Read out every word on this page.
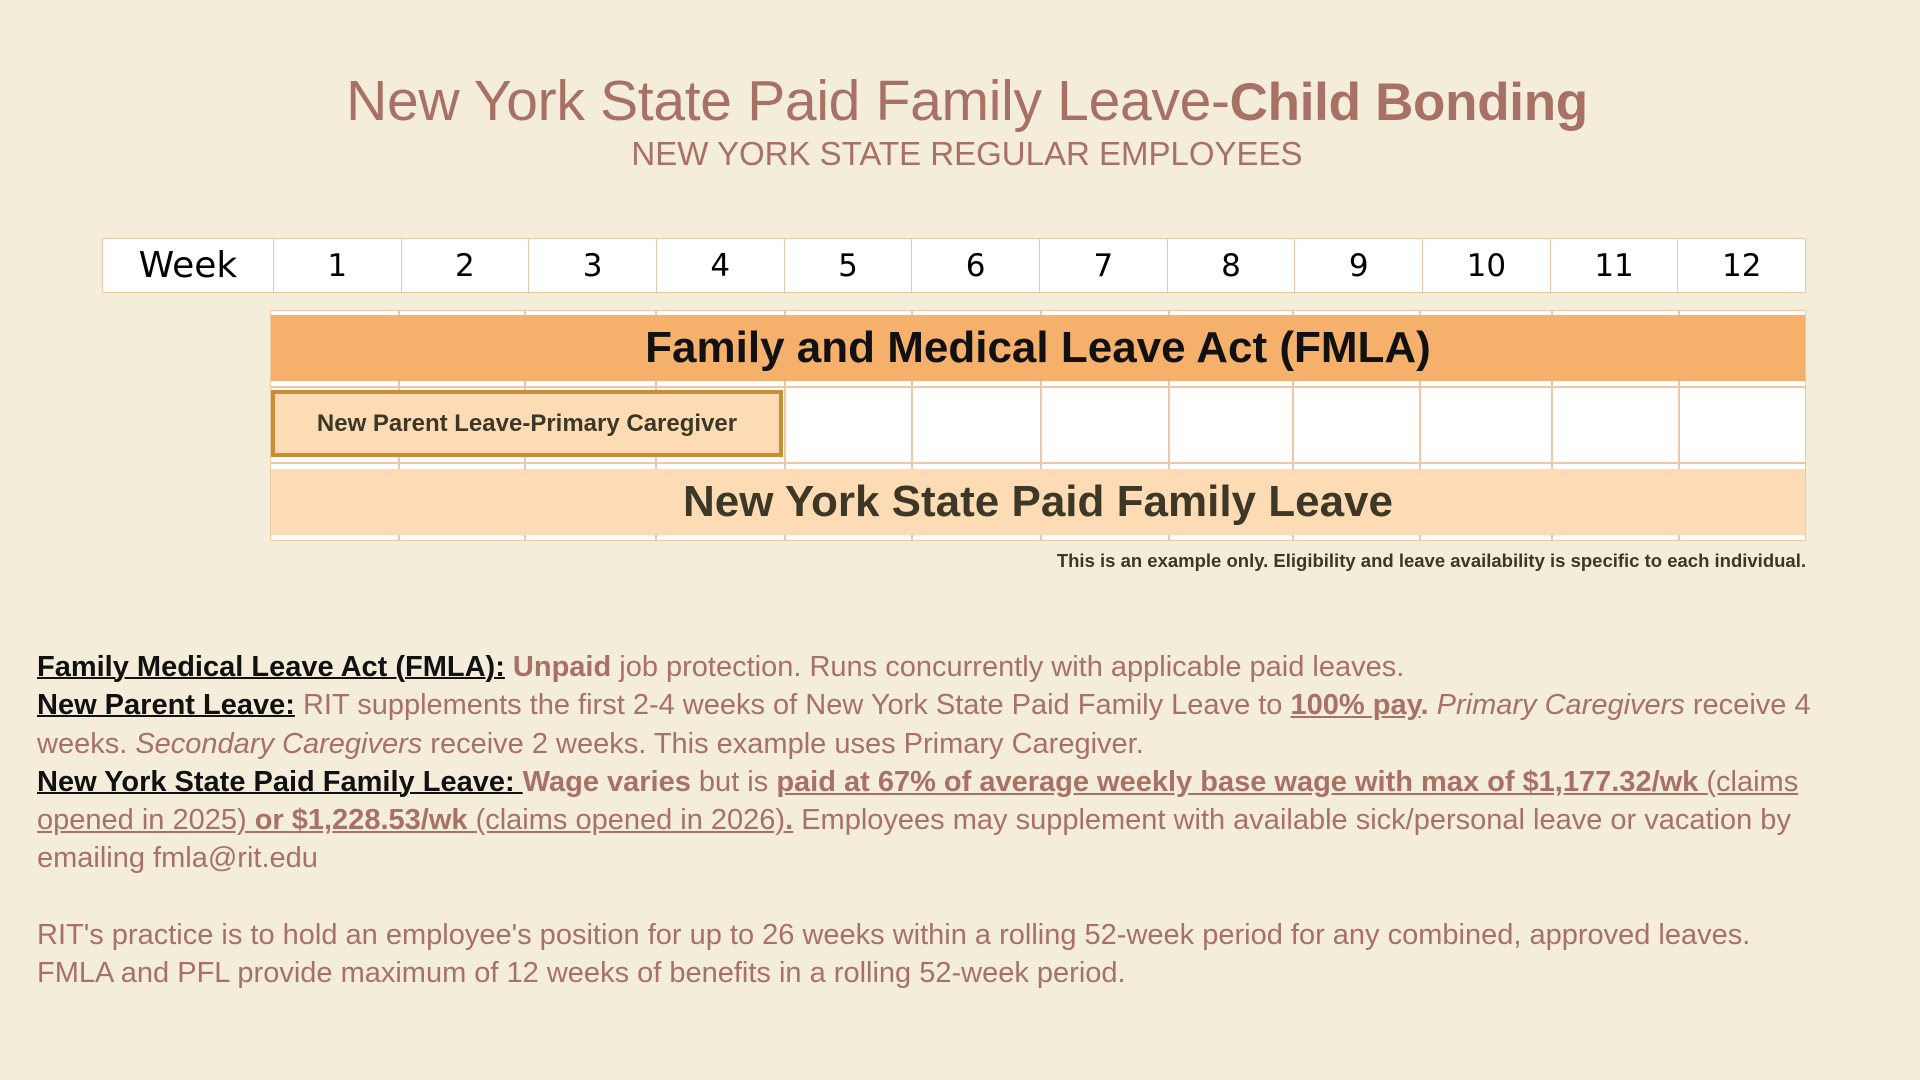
New York State Paid Family Leave-Child Bonding
NEW YORK STATE REGULAR EMPLOYEES
Week	1	2	3	4	5	6	7	8	9	10	11	12
Family and Medical Leave Act (FMLA)
New Parent Leave-Primary Caregiver
New York State Paid Family Leave
This is an example only. Eligibility and leave availability is specific to each individual.

Family Medical Leave Act (FMLA): Unpaid job protection. Runs concurrently with applicable paid leaves.

New Parent Leave: RIT supplements the first 2-4 weeks of New York State Paid Family Leave to 100% pay. Primary Caregivers receive 4 weeks. Secondary Caregivers receive 2 weeks. This example uses Primary Caregiver.

New York State Paid Family Leave: Wage varies but is paid at 67% of average weekly base wage with max of $1,177.32/wk (claims opened in 2025) or $1,228.53/wk (claims opened in 2026). Employees may supplement with available sick/personal leave or vacation by emailing fmla@rit.edu

RIT's practice is to hold an employee's position for up to 26 weeks within a rolling 52-week period for any combined, approved leaves.

FMLA and PFL provide maximum of 12 weeks of benefits in a rolling 52-week period.
